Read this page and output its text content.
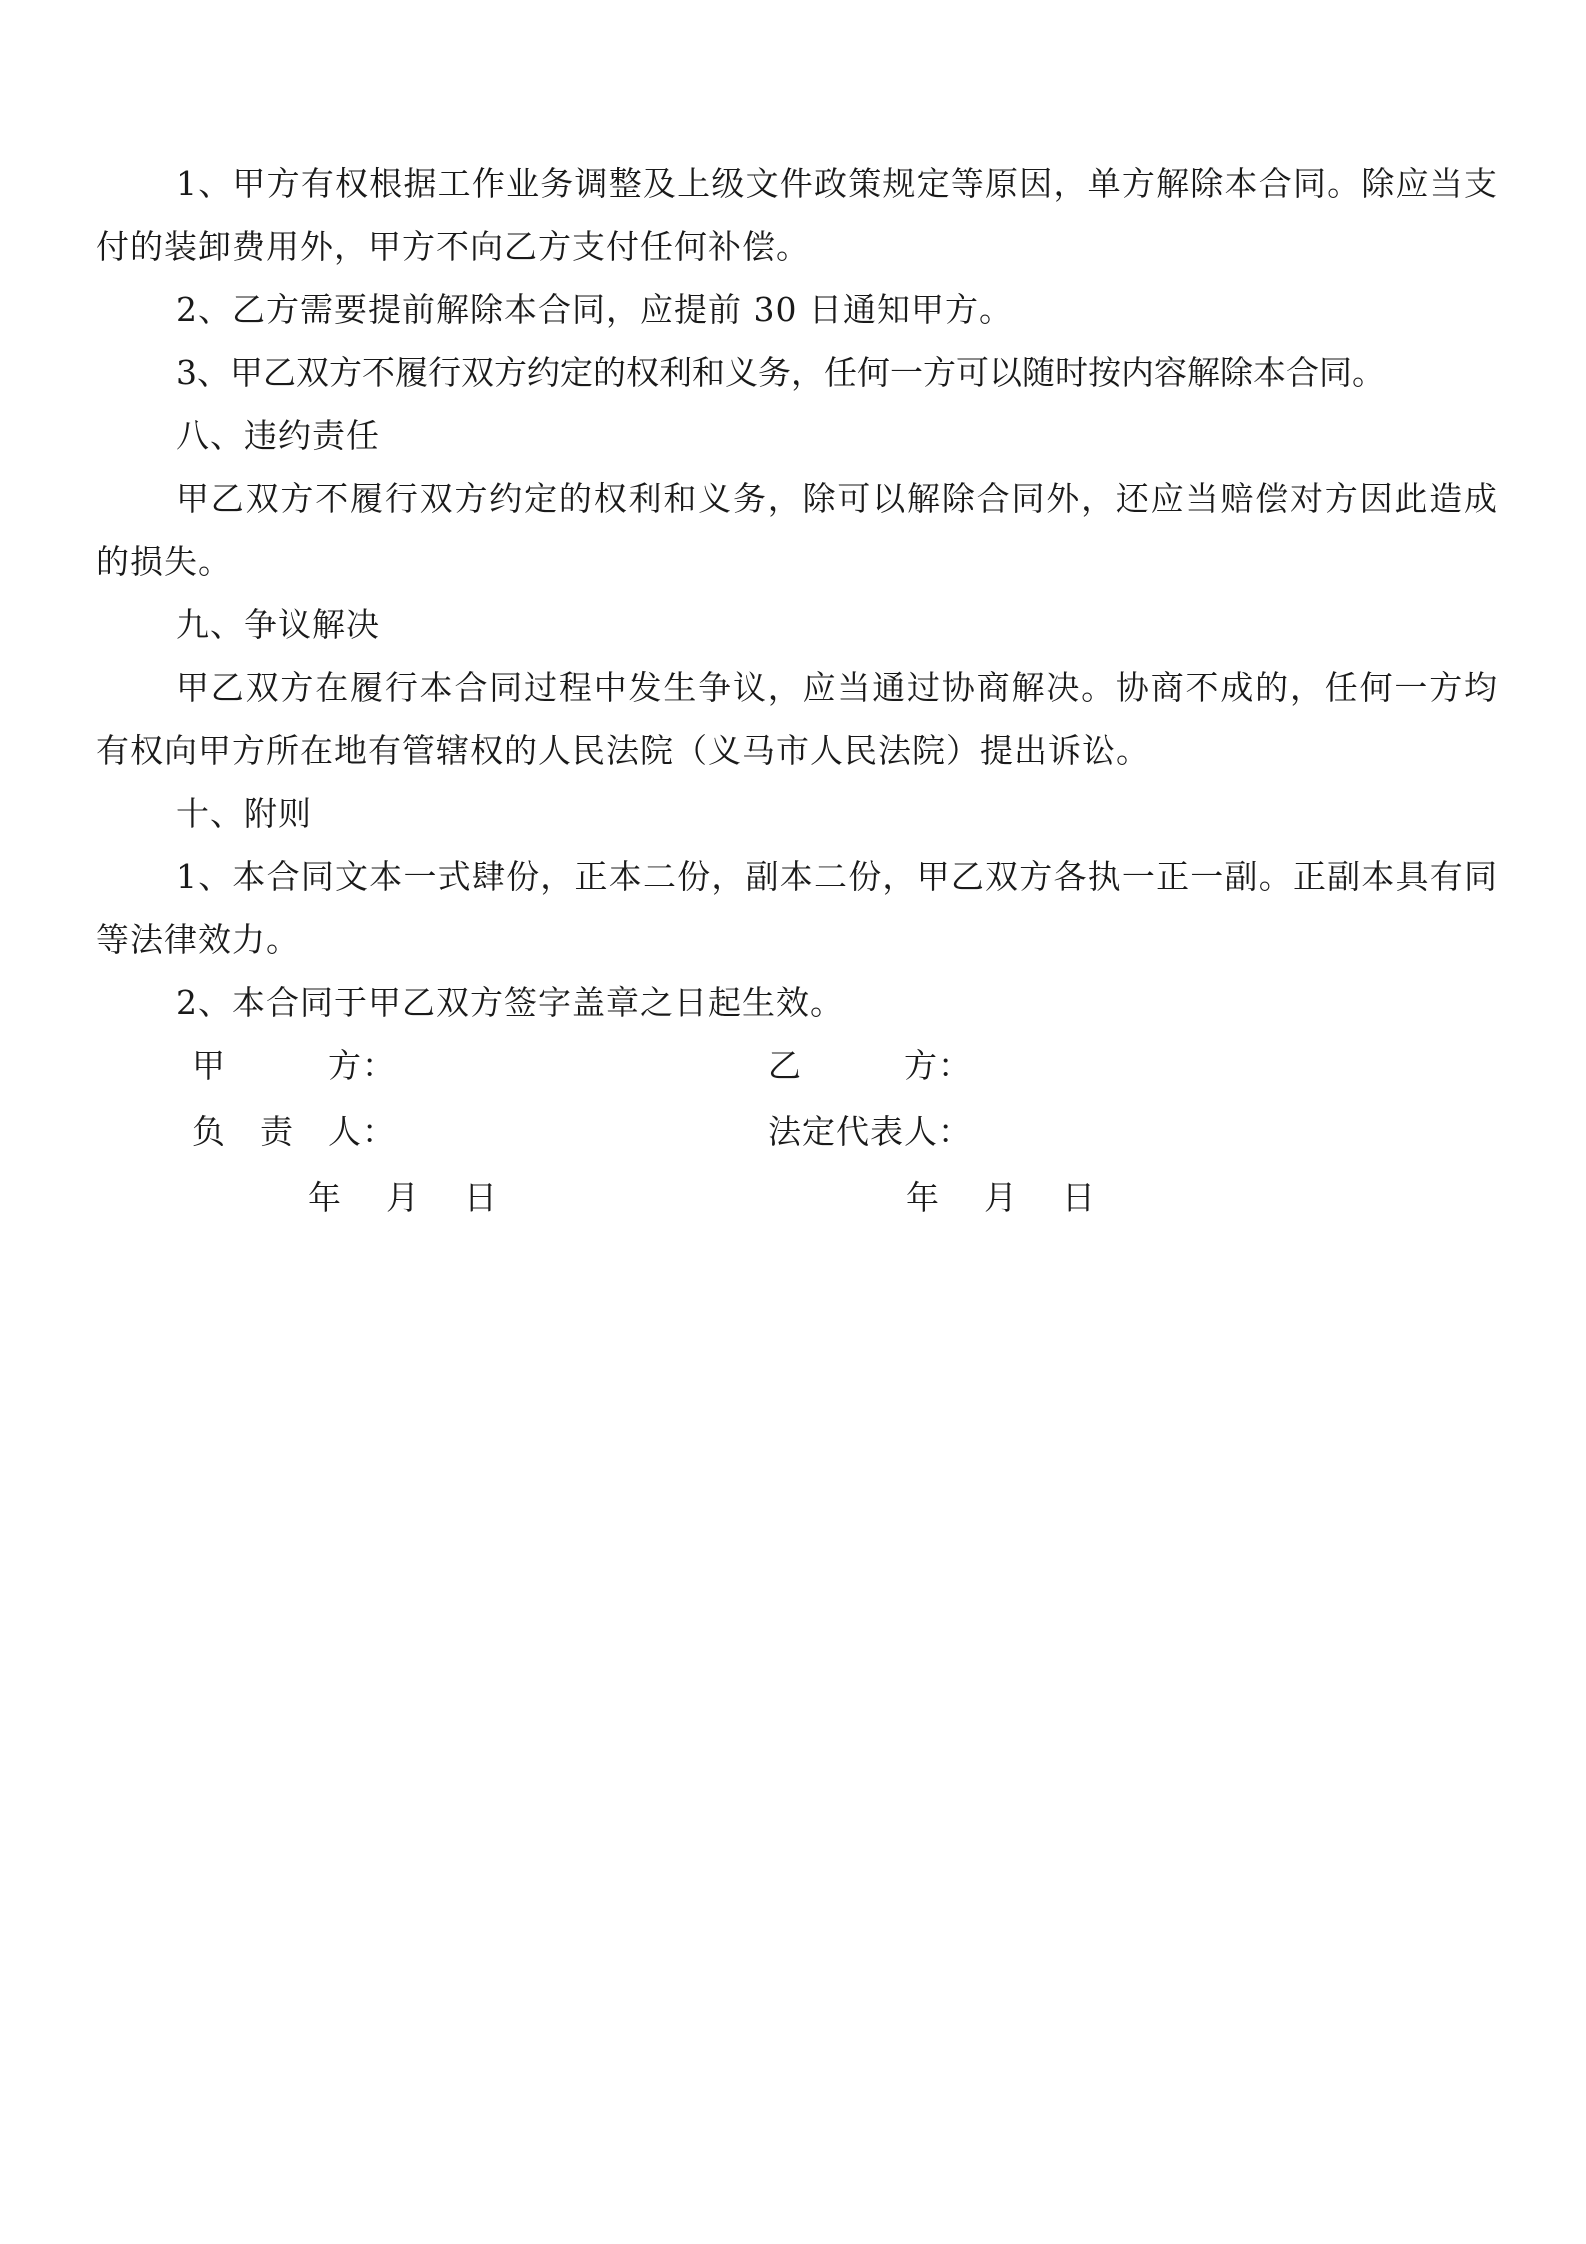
1、甲方有权根据工作业务调整及上级文件政策规定等原因，单方解除本合同。除应当支付的装卸费用外，甲方不向乙方支付任何补偿。

2、乙方需要提前解除本合同，应提前 30 日通知甲方。

3、甲乙双方不履行双方约定的权利和义务，任何一方可以随时按内容解除本合同。

八、违约责任

甲乙双方不履行双方约定的权利和义务，除可以解除合同外，还应当赔偿对方因此造成的损失。

九、争议解决

甲乙双方在履行本合同过程中发生争议，应当通过协商解决。协商不成的，任何一方均有权向甲方所在地有管辖权的人民法院（义马市人民法院）提出诉讼。

十、附则

1、本合同文本一式肆份，正本二份，副本二份，甲乙双方各执一正一副。正副本具有同等法律效力。

2、本合同于甲乙双方签字盖章之日起生效。

甲　　　方：	乙　　　方：
负　责　人：	法定代表人：
年　月　日	年　月　日
